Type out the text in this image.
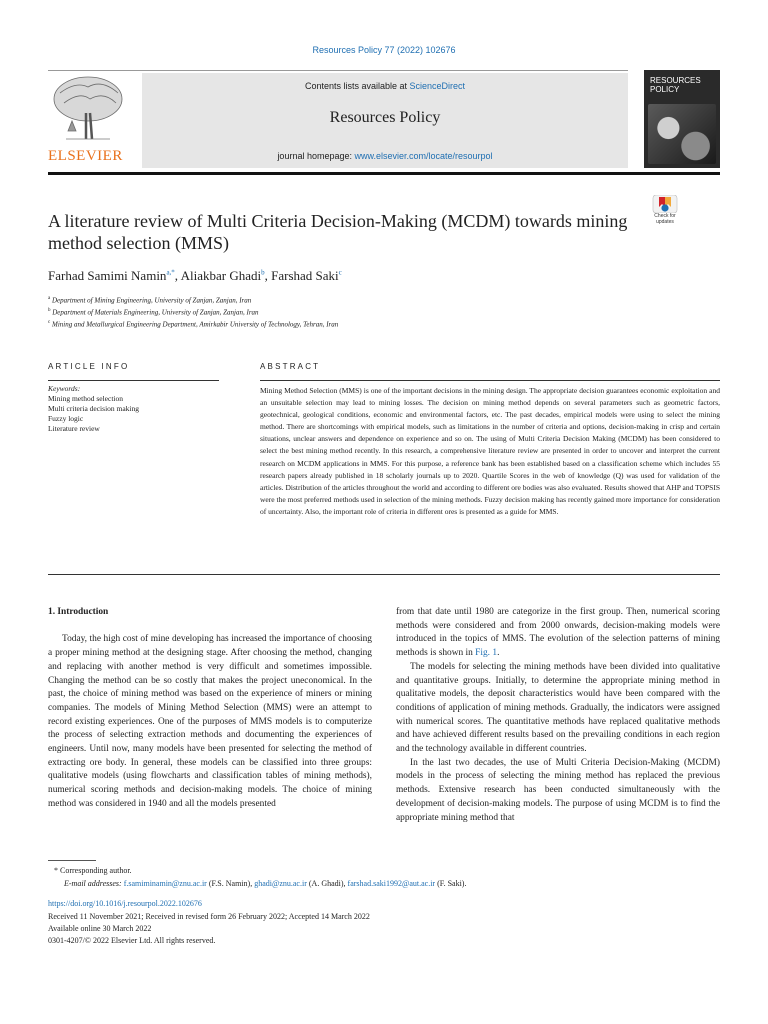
Resources Policy 77 (2022) 102676
ELSEVIER
Contents lists available at ScienceDirect
Resources Policy
journal homepage: www.elsevier.com/locate/resourpol
RESOURCES POLICY
Check for updates
A literature review of Multi Criteria Decision-Making (MCDM) towards mining method selection (MMS)
Farhad Samimi Namin$^{a,*}$, Aliakbar Ghadi$^b$, Farshad Saki$^c$
$^a$ Department of Mining Engineering, University of Zanjan, Zanjan, Iran
$^b$ Department of Materials Engineering, University of Zanjan, Zanjan, Iran
$^c$ Mining and Metallurgical Engineering Department, Amirkabir University of Technology, Tehran, Iran
ARTICLE INFO
Keywords:
Mining method selection
Multi criteria decision making
Fuzzy logic
Literature review
ABSTRACT
Mining Method Selection (MMS) is one of the important decisions in the mining design. The appropriate decision guarantees economic exploitation and an unsuitable selection may lead to mining losses. The decision on mining method depends on several parameters such as geometric factors, geotechnical, geological conditions, economic and environmental factors, etc. The past decades, empirical models were using to select the mining method. There are shortcomings with empirical models, such as limitations in the number of criteria and options, decision-making in crisp and certain situations, unclear answers and dependence on experience and so on. The using of Multi Criteria Decision Making (MCDM) has been considered to select the best mining method recently. In this research, a comprehensive literature review are presented in order to uncover and interpret the current research on MCDM applications in MMS. For this purpose, a reference bank has been established based on a classification scheme which includes 55 research papers already published in 18 scholarly journals up to 2020. Quartile Scores in the web of knowledge (Q) was used for validation of the articles. Distribution of the articles throughout the world and according to different ore bodies was also evaluated. Results showed that AHP and TOPSIS were the most preferred methods used in selection of the mining methods. Fuzzy decision making has recently gained more importance for consideration of uncertainty. Also, the important role of criteria in different ores is presented as a guide for MMS.
1. Introduction

Today, the high cost of mine developing has increased the importance of choosing a proper mining method at the designing stage. After choosing the method, changing and replacing with another method is very difficult and sometimes impossible. Changing the method can be so costly that makes the project uneconomical. In the past, the choice of mining method was based on the experience of miners or mining companies. The models of Mining Method Selection (MMS) were an attempt to record existing experiences. One of the purposes of MMS models is to computerize the process of selecting extraction methods and documenting the experiences of engineers. Until now, many models have been presented for selecting the method of extracting ore body. In general, these models can be classified into three groups: qualitative models (using flowcharts and classification tables of mining methods), numerical scoring methods and decision-making models. The choice of mining method was considered in 1940 and all the models presented

from that date until 1980 are categorize in the first group. Then, numerical scoring methods were considered and from 2000 onwards, decision-making models were introduced in the topics of MMS. The evolution of the selection patterns of mining methods is shown in Fig. 1.

The models for selecting the mining methods have been divided into qualitative and quantitative groups. Initially, to determine the appropriate mining method in qualitative models, the deposit characteristics would have been compared with the conditions of application of mining methods. Gradually, the indicators were assigned with numerical scores. The quantitative methods have replaced qualitative methods and have achieved different results based on the prevailing conditions in each region and the technology available in different countries.

In the last two decades, the use of Multi Criteria Decision-Making (MCDM) models in the process of selecting the mining method has replaced the previous methods. Extensive research has been conducted simultaneously with the development of decision-making models. The purpose of using MCDM is to find the appropriate mining method that

* Corresponding author.
E-mail addresses: f.samiminamin@znu.ac.ir (F.S. Namin), ghadi@znu.ac.ir (A. Ghadi), farshad.saki1992@aut.ac.ir (F. Saki).
https://doi.org/10.1016/j.resourpol.2022.102676
Received 11 November 2021; Received in revised form 26 February 2022; Accepted 14 March 2022
Available online 30 March 2022
0301-4207/© 2022 Elsevier Ltd. All rights reserved.
